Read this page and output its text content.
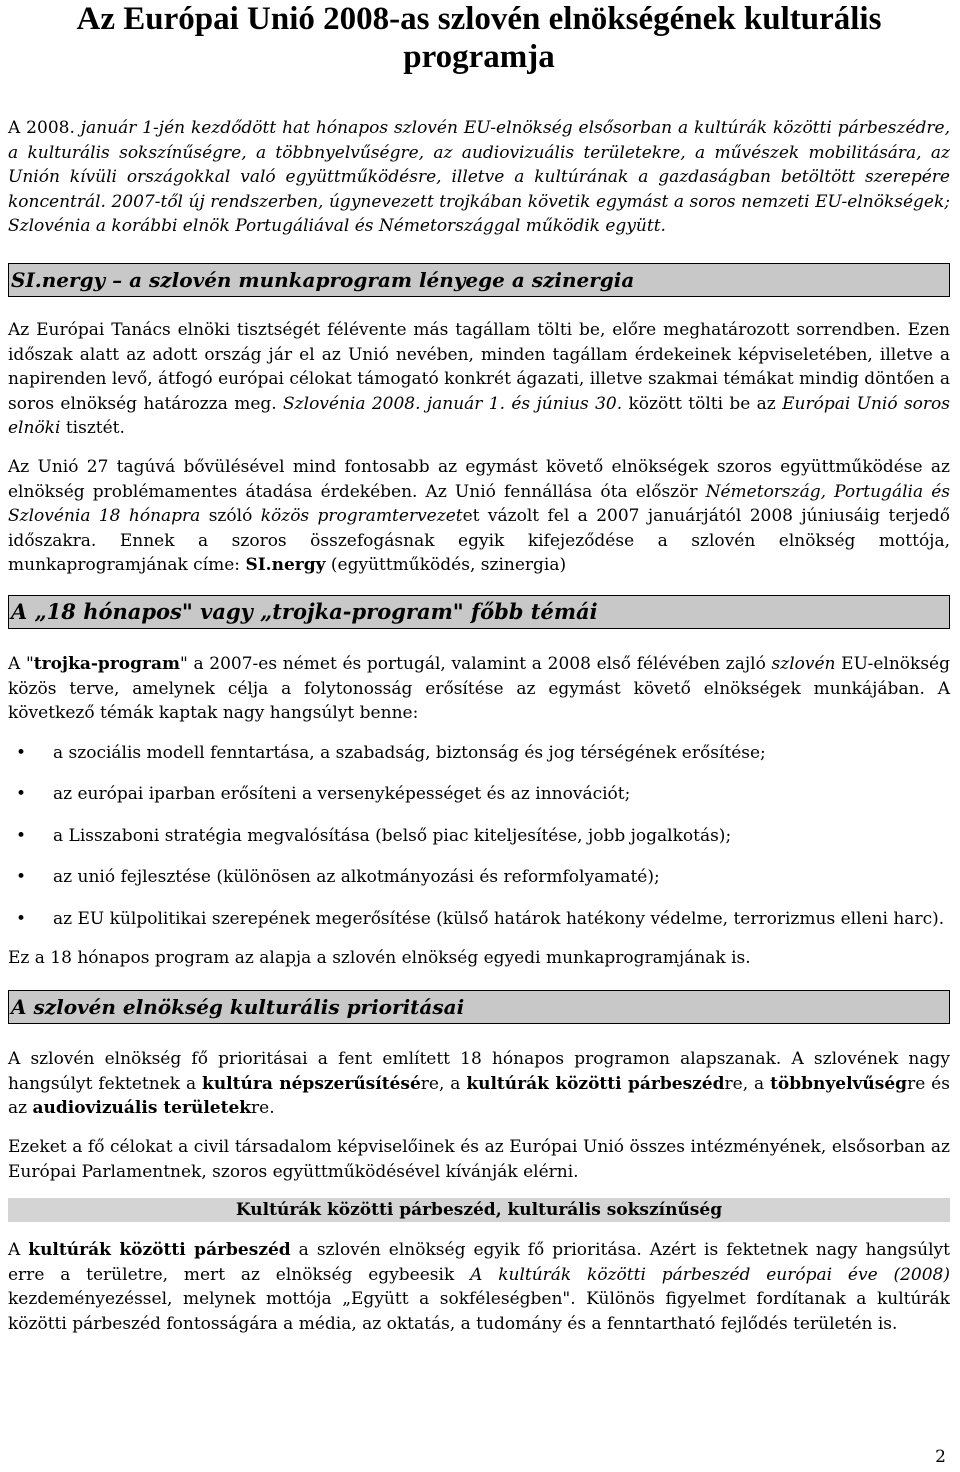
Az Európai Unió 2008-as szlovén elnökségének kulturális
programja

A 2008. január 1-jén kezdődött hat hónapos szlovén EU-elnökség elsősorban a kultúrák közötti párbeszédre, a kulturális sokszínűségre, a többnyelvűségre, az audiovizuális területekre, a művészek mobilitására, az Unión kívüli országokkal való együttműködésre, illetve a kultúrának a gazdaságban betöltött szerepére koncentrál. 2007-től új rendszerben, úgynevezett trojkában követik egymást a soros nemzeti EU-elnökségek; Szlovénia a korábbi elnök Portugáliával és Németországgal működik együtt.

SI.nergy – a szlovén munkaprogram lényege a szinergia

Az Európai Tanács elnöki tisztségét félévente más tagállam tölti be, előre meghatározott sorrendben. Ezen időszak alatt az adott ország jár el az Unió nevében, minden tagállam érdekeinek képviseletében, illetve a napirenden levő, átfogó európai célokat támogató konkrét ágazati, illetve szakmai témákat mindig döntően a soros elnökség határozza meg. Szlovénia 2008. január 1. és június 30. között tölti be az Európai Unió soros elnöki tisztét.

Az Unió 27 tagúvá bővülésével mind fontosabb az egymást követő elnökségek szoros együttműködése az elnökség problémamentes átadása érdekében. Az Unió fennállása óta először Németország, Portugália és Szlovénia 18 hónapra szóló közös programtervezetet vázolt fel a 2007 januárjától 2008 júniusáig terjedő időszakra. Ennek a szoros összefogásnak egyik kifejeződése a szlovén elnökség mottója, munkaprogramjának címe: SI.nergy (együttműködés, szinergia)

A „18 hónapos" vagy „trojka-program" főbb témái

A "trojka-program" a 2007-es német és portugál, valamint a 2008 első félévében zajló szlovén EU-elnökség közös terve, amelynek célja a folytonosság erősítése az egymást követő elnökségek munkájában. A következő témák kaptak nagy hangsúlyt benne:

• a szociális modell fenntartása, a szabadság, biztonság és jog térségének erősítése;
• az európai iparban erősíteni a versenyképességet és az innovációt;
• a Lisszaboni stratégia megvalósítása (belső piac kiteljesítése, jobb jogalkotás);
• az unió fejlesztése (különösen az alkotmányozási és reformfolyamaté);
• az EU külpolitikai szerepének megerősítése (külső határok hatékony védelme, terrorizmus elleni harc).

Ez a 18 hónapos program az alapja a szlovén elnökség egyedi munkaprogramjának is.

A szlovén elnökség kulturális prioritásai

A szlovén elnökség fő prioritásai a fent említett 18 hónapos programon alapszanak. A szlovének nagy hangsúlyt fektetnek a kultúra népszerűsítésére, a kultúrák közötti párbeszédre, a többnyelvűségre és az audiovizuális területekre.

Ezeket a fő célokat a civil társadalom képviselőinek és az Európai Unió összes intézményének, elsősorban az Európai Parlamentnek, szoros együttműködésével kívánják elérni.

Kultúrák közötti párbeszéd, kulturális sokszínűség

A kultúrák közötti párbeszéd a szlovén elnökség egyik fő prioritása. Azért is fektetnek nagy hangsúlyt erre a területre, mert az elnökség egybeesik A kultúrák közötti párbeszéd európai éve (2008) kezdeményezéssel, melynek mottója „Együtt a sokféleségben". Különös figyelmet fordítanak a kultúrák közötti párbeszéd fontosságára a média, az oktatás, a tudomány és a fenntartható fejlődés területén is.

2
